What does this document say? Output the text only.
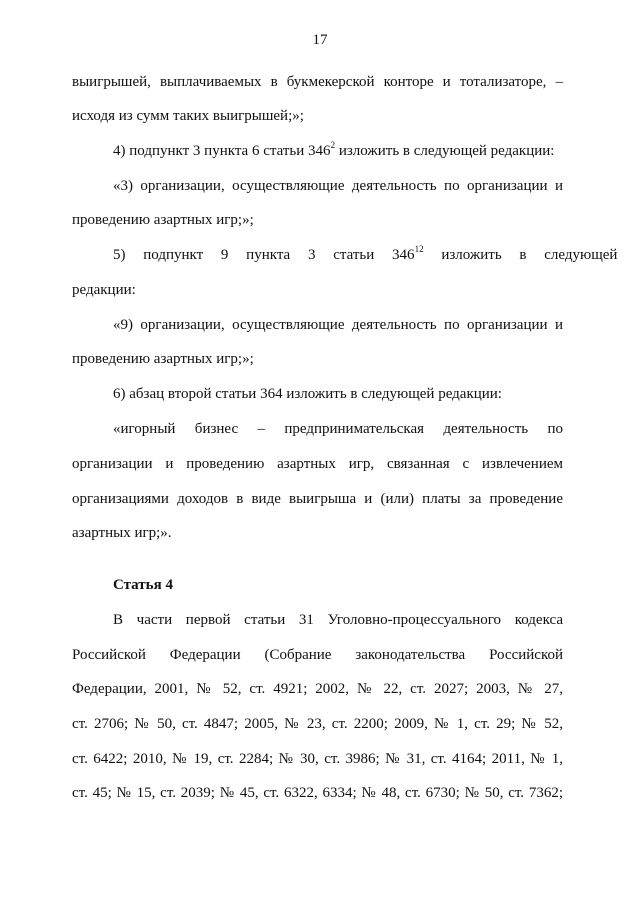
17
выигрышей, выплачиваемых в букмекерской конторе и тотализаторе, –
исходя из сумм таких выигрышей;»;
4) подпункт 3 пункта 6 статьи $346^2$ изложить в следующей редакции:
«3) организации, осуществляющие деятельность по организации и
проведению азартных игр;»;
5) подпункт 9 пункта 3 статьи 346 $^{12}$ изложить в следующей
редакции:
«9) организации, осуществляющие деятельность по организации и
проведению азартных игр;»;
6) абзац второй статьи 364 изложить в следующей редакции:
«игорный бизнес – предпринимательская деятельность по
организации и проведению азартных игр, связанная с извлечением
организациями доходов в виде выигрыша и (или) платы за проведение
азартных игр;».
Статья 4
В части первой статьи 31 Уголовно-процессуального кодекса
Российской Федерации (Собрание законодательства Российской
Федерации, 2001, № 52, ст. 4921; 2002, № 22, ст. 2027; 2003, № 27,
ст. 2706; № 50, ст. 4847; 2005, № 23, ст. 2200; 2009, № 1, ст. 29; № 52,
ст. 6422; 2010, № 19, ст. 2284; № 30, ст. 3986; № 31, ст. 4164; 2011, № 1,
ст. 45; № 15, ст. 2039; № 45, ст. 6322, 6334; № 48, ст. 6730; № 50, ст. 7362;
